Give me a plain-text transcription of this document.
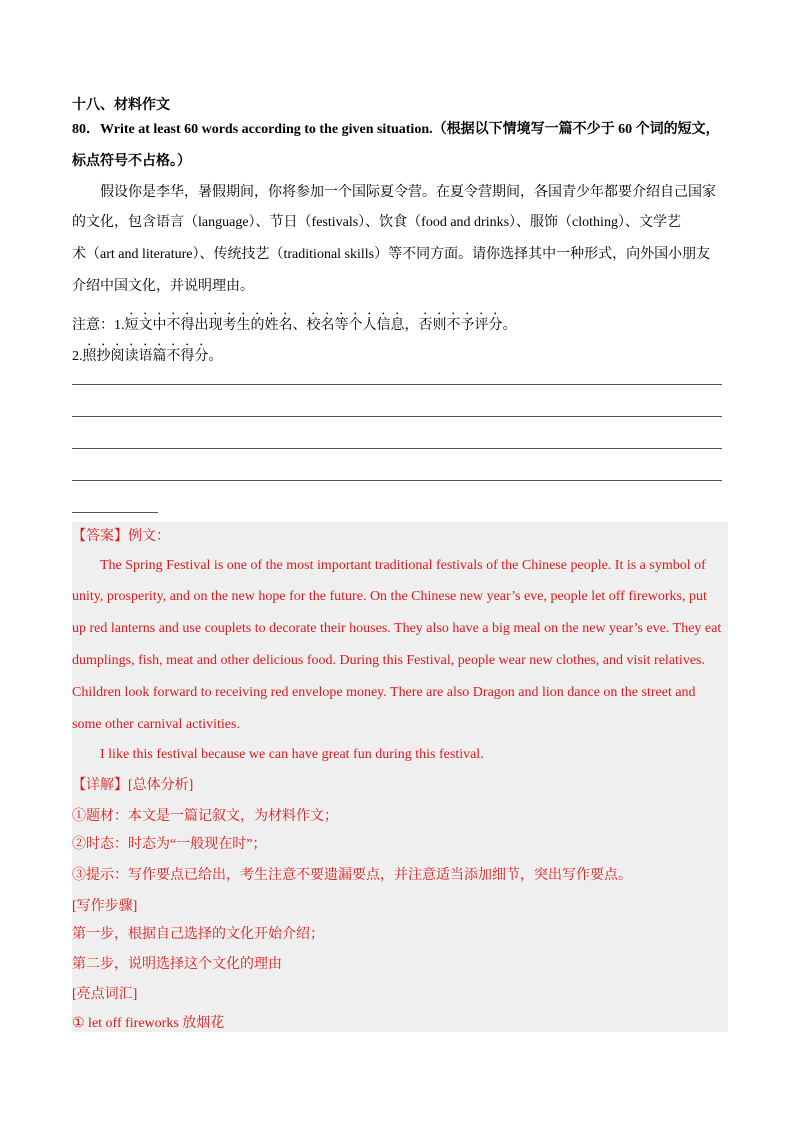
十八、材料作文
80．Write at least 60 words according to the given situation.（根据以下情境写一篇不少于 60 个词的短文，
标点符号不占格。）
假设你是李华，暑假期间，你将参加一个国际夏令营。在夏令营期间，各国青少年都要介绍自己国家
的文化，包含语言（language）、节日（festivals）、饮食（food and drinks）、服饰（clothing）、文学艺
术（art and literature）、传统技艺（traditional skills）等不同方面。请你选择其中一种形式，向外国小朋友
介绍中国文化，并说明理由。
注意：1.短文中不得出现考生的姓名、校名等个人信息，否则不予评分。
2.照抄阅读语篇不得分。
【答案】例文：
The Spring Festival is one of the most important traditional festivals of the Chinese people. It is a symbol of
unity, prosperity, and on the new hope for the future. On the Chinese new year’s eve, people let off fireworks, put
up red lanterns and use couplets to decorate their houses. They also have a big meal on the new year’s eve. They eat
dumplings, fish, meat and other delicious food. During this Festival, people wear new clothes, and visit relatives.
Children look forward to receiving red envelope money. There are also Dragon and lion dance on the street and
some other carnival activities.
I like this festival because we can have great fun during this festival.
【详解】[总体分析]
①题材：本文是一篇记叙文，为材料作文；
②时态：时态为“一般现在时”；
③提示：写作要点已给出，考生注意不要遗漏要点，并注意适当添加细节，突出写作要点。
[写作步骤]
第一步，根据自己选择的文化开始介绍；
第二步，说明选择这个文化的理由
[亮点词汇]
① let off fireworks 放烟花
